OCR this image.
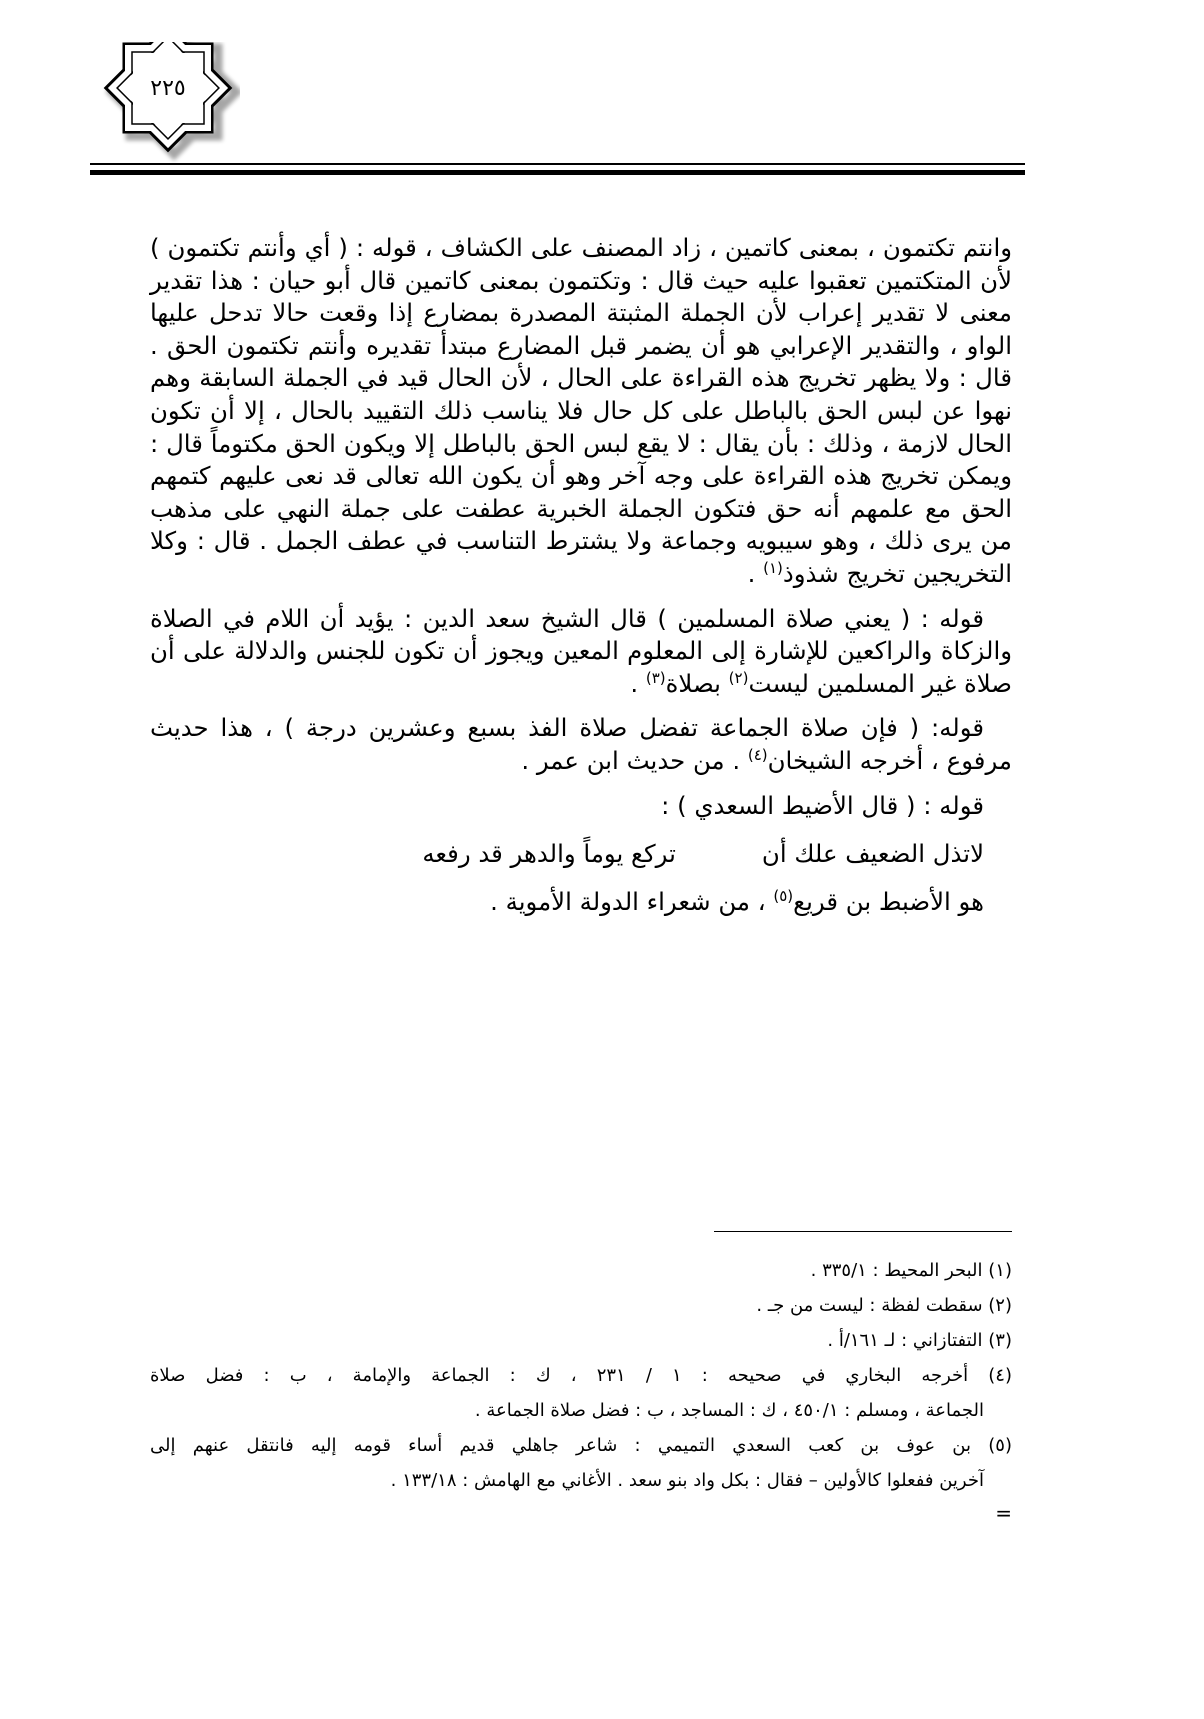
٢٢٥

وانتم تكتمون ، بمعنى كاتمين ، زاد المصنف على الكشاف ، قوله : ( أي وأنتم تكتمون ) لأن المتكتمين تعقبوا عليه حيث قال : وتكتمون بمعنى كاتمين قال أبو حيان : هذا تقدير معنى لا تقدير إعراب لأن الجملة المثبتة المصدرة بمضارع إذا وقعت حالا تدحل عليها الواو ، والتقدير الإعرابي هو أن يضمر قبل المضارع مبتدأ تقديره وأنتم تكتمون الحق . قال : ولا يظهر تخريج هذه القراءة على الحال ، لأن الحال قيد في الجملة السابقة وهم نهوا عن لبس الحق بالباطل على كل حال فلا يناسب ذلك التقييد بالحال ، إلا أن تكون الحال لازمة ، وذلك : بأن يقال : لا يقع لبس الحق بالباطل إلا ويكون الحق مكتوماً قال : ويمكن تخريج هذه القراءة على وجه آخر وهو أن يكون الله تعالى قد نعى عليهم كتمهم الحق مع علمهم أنه حق فتكون الجملة الخبرية عطفت على جملة النهي على مذهب من يرى ذلك ، وهو سيبويه وجماعة ولا يشترط التناسب في عطف الجمل . قال : وكلا التخريجين تخريج شذوذ$^{(١)}$ .

قوله : ( يعني صلاة المسلمين ) قال الشيخ سعد الدين : يؤيد أن اللام في الصلاة والزكاة والراكعين للإشارة إلى المعلوم المعين ويجوز أن تكون للجنس والدلالة على أن صلاة غير المسلمين ليست$^{(٢)}$ بصلاة$^{(٣)}$ .

قوله: ( فإن صلاة الجماعة تفضل صلاة الفذ بسبع وعشرين درجة ) ، هذا حديث مرفوع ، أخرجه الشيخان$^{(٤)}$ . من حديث ابن عمر .

قوله : ( قال الأضيط السعدي ) :

لاتذل الضعيف علك أن
تركع يوماً والدهر قد رفعه

هو الأضبط بن قريع$^{(٥)}$ ، من شعراء الدولة الأموية .

(١) البحر المحيط : ٣٣٥/١ .
(٢) سقطت لفظة : ليست من جـ .
(٣) التفتازاني : لـ ١٦١/أ .
(٤) أخرجه البخاري في صحيحه : ١ / ٢٣١ ، ك : الجماعة والإمامة ، ب : فضل صلاة
الجماعة ، ومسلم : ٤٥٠/١ ، ك : المساجد ، ب : فضل صلاة الجماعة .
(٥) بن عوف بن كعب السعدي التميمي : شاعر جاهلي قديم أساء قومه إليه فانتقل عنهم إلى
آخرين ففعلوا كالأولين – فقال : بكل واد بنو سعد . الأغاني مع الهامش : ١٣٣/١٨ .
=
